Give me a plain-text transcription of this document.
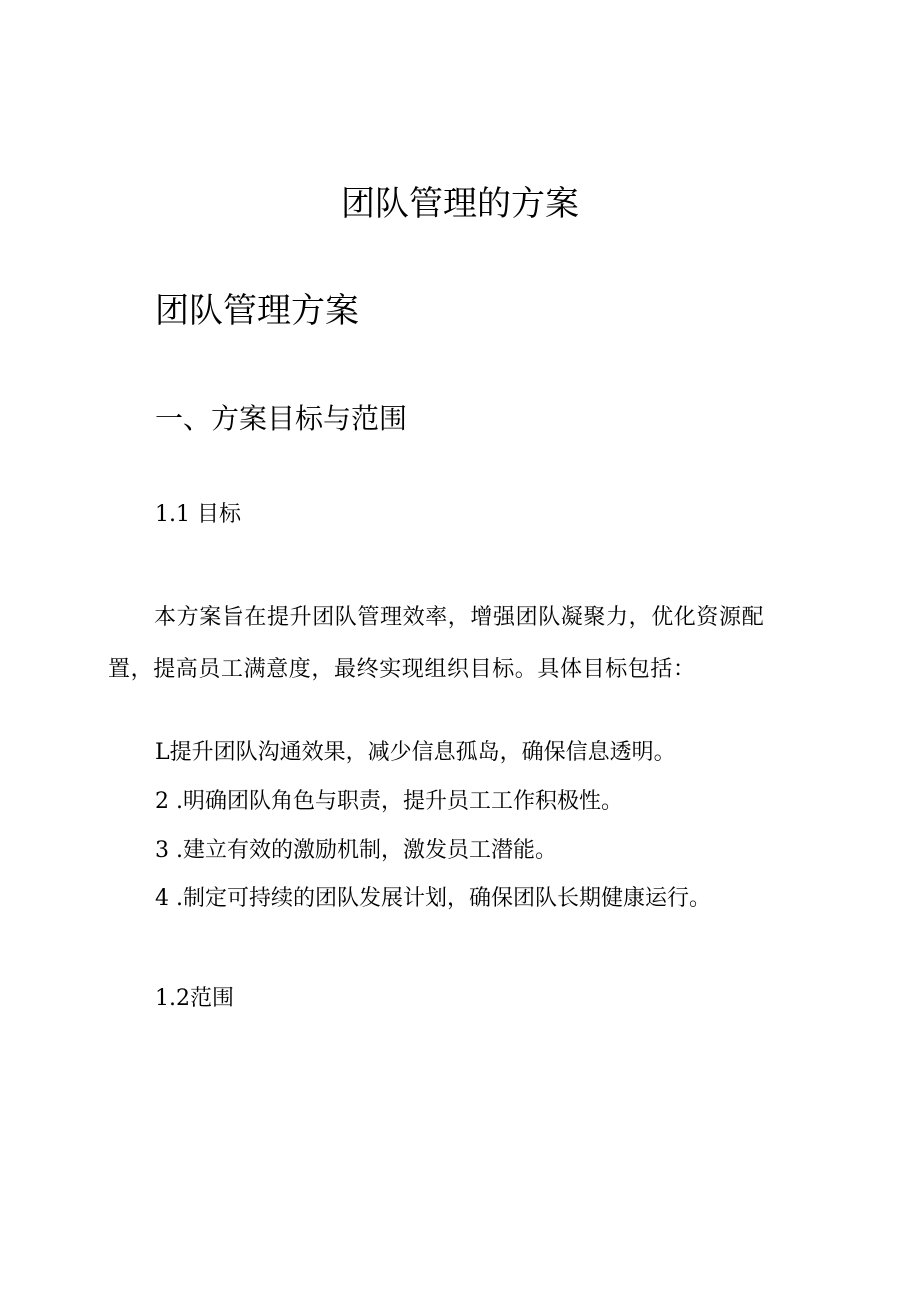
团队管理的方案
团队管理方案
一、方案目标与范围
1.1 目标

本方案旨在提升团队管理效率，增强团队凝聚力，优化资源配置，提高员工满意度，最终实现组织目标。具体目标包括：

L提升团队沟通效果，减少信息孤岛，确保信息透明。

2 .明确团队角色与职责，提升员工工作积极性。

3 .建立有效的激励机制，激发员工潜能。

4 .制定可持续的团队发展计划，确保团队长期健康运行。

1.2范围
